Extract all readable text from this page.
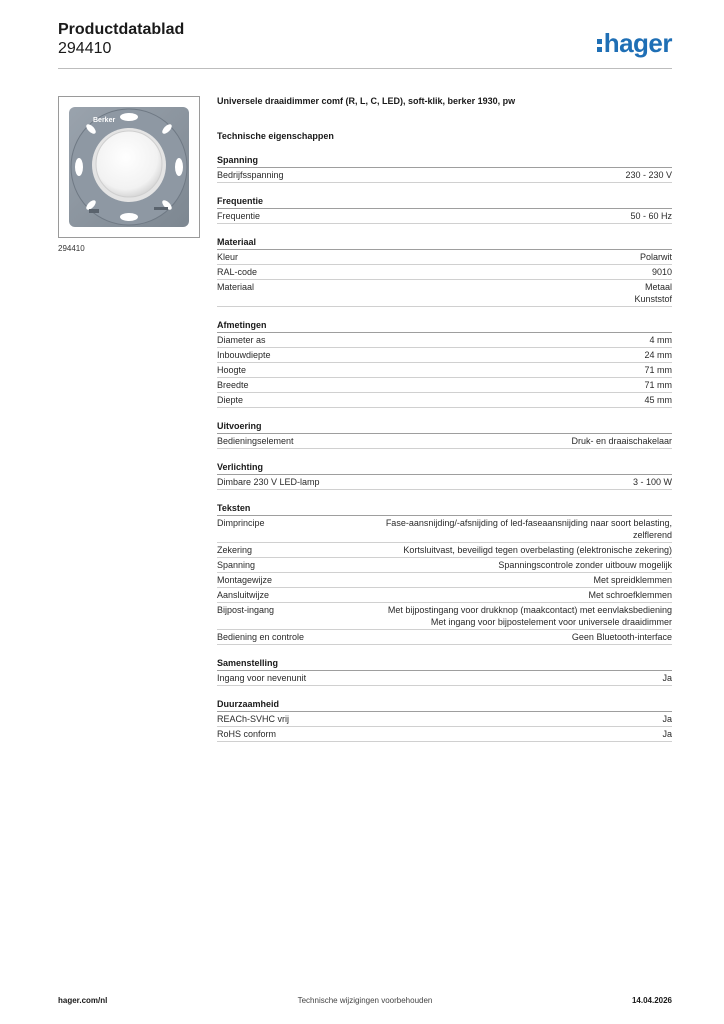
Productdatablad
294410	hager
Berker
294410
Universele draaidimmer comf (R, L, C, LED), soft-klik, berker 1930, pw
Technische eigenschappen
Spanning
Bedrijfsspanning	230 - 230 V
Frequentie
Frequentie	50 - 60 Hz
Materiaal
Kleur	Polarwit
RAL-code	9010
Materiaal	Metaal
Kunststof
Afmetingen
Diameter as	4 mm
Inbouwdiepte	24 mm
Hoogte	71 mm
Breedte	71 mm
Diepte	45 mm
Uitvoering
Bedieningselement	Druk- en draaischakelaar
Verlichting
Dimbare 230 V LED-lamp	3 - 100 W
Teksten
Dimprincipe	Fase-aansnijding/-afsnijding of led-faseaansnijding naar soort belasting,
zelflerend
Zekering	Kortsluitvast, beveiligd tegen overbelasting (elektronische zekering)
Spanning	Spanningscontrole zonder uitbouw mogelijk
Montagewijze	Met spreidklemmen
Aansluitwijze	Met schroefklemmen
Bijpost-ingang	Met bijpostingang voor drukknop (maakcontact) met eenvlaksbediening
Met ingang voor bijpostelement voor universele draaidimmer
Bediening en controle	Geen Bluetooth-interface
Samenstelling
Ingang voor nevenunit	Ja
Duurzaamheid
REACh-SVHC vrij	Ja
RoHS conform	Ja
hager.com/nl	Technische wijzigingen voorbehouden	14.04.2026
